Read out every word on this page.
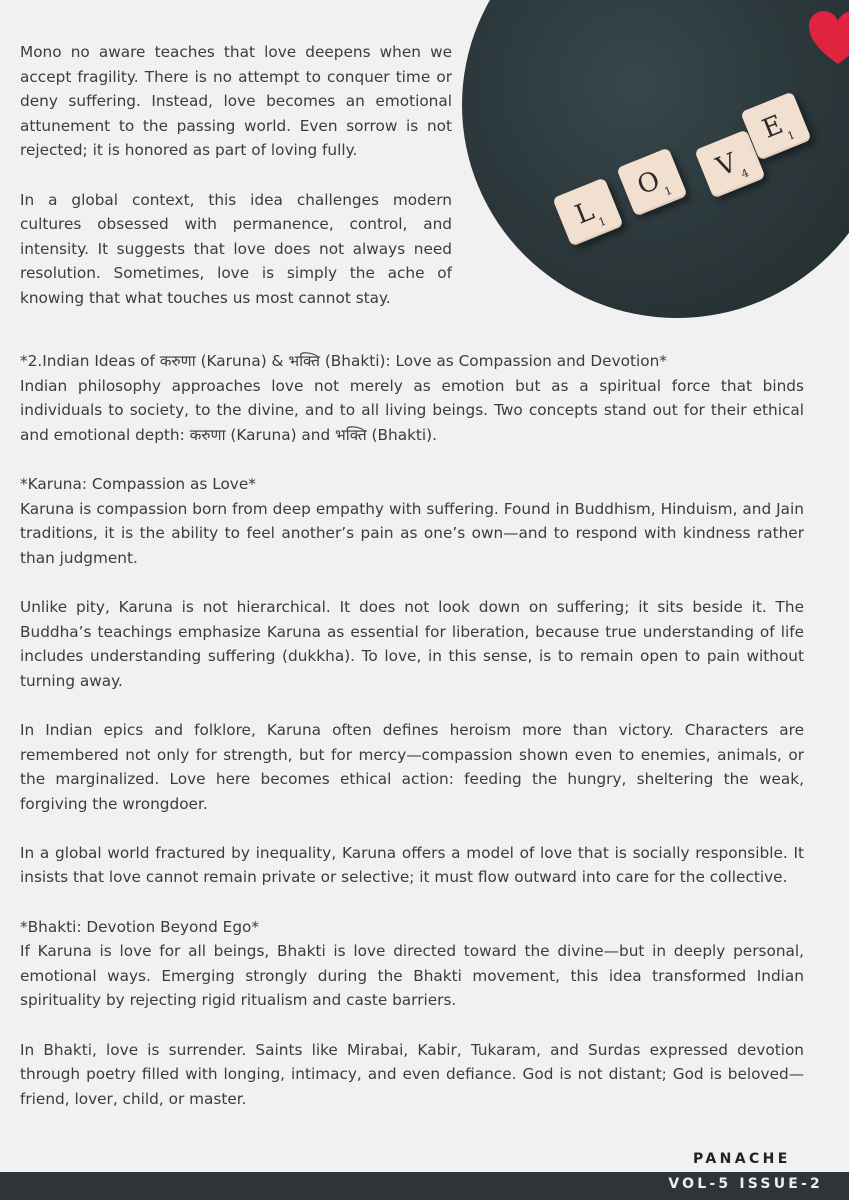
$L_1$
$O_1$
$V_4$
$E_1$

Mono no aware teaches that love deepens when we accept fragility. There is no attempt to conquer time or deny suffering. Instead, love becomes an emotional attunement to the passing world. Even sorrow is not rejected; it is honored as part of loving fully.

In a global context, this idea challenges modern cultures obsessed with permanence, control, and intensity. It suggests that love does not always need resolution. Sometimes, love is simply the ache of knowing that what touches us most cannot stay.

*2.Indian Ideas of करुणा (Karuna) & भक्ति (Bhakti): Love as Compassion and Devotion*

Indian philosophy approaches love not merely as emotion but as a spiritual force that binds individuals to society, to the divine, and to all living beings. Two concepts stand out for their ethical and emotional depth: करुणा (Karuna) and भक्ति (Bhakti).

*Karuna: Compassion as Love*

Karuna is compassion born from deep empathy with suffering. Found in Buddhism, Hinduism, and Jain traditions, it is the ability to feel another’s pain as one’s own—and to respond with kindness rather than judgment.

Unlike pity, Karuna is not hierarchical. It does not look down on suffering; it sits beside it. The Buddha’s teachings emphasize Karuna as essential for liberation, because true understanding of life includes understanding suffering (dukkha). To love, in this sense, is to remain open to pain without turning away.

In Indian epics and folklore, Karuna often defines heroism more than victory. Characters are remembered not only for strength, but for mercy—compassion shown even to enemies, animals, or the marginalized. Love here becomes ethical action: feeding the hungry, sheltering the weak, forgiving the wrongdoer.

In a global world fractured by inequality, Karuna offers a model of love that is socially responsible. It insists that love cannot remain private or selective; it must flow outward into care for the collective.

*Bhakti: Devotion Beyond Ego*

If Karuna is love for all beings, Bhakti is love directed toward the divine—but in deeply personal, emotional ways. Emerging strongly during the Bhakti movement, this idea transformed Indian spirituality by rejecting rigid ritualism and caste barriers.

In Bhakti, love is surrender. Saints like Mirabai, Kabir, Tukaram, and Surdas expressed devotion through poetry filled with longing, intimacy, and even defiance. God is not distant; God is beloved—friend, lover, child, or master.

PANACHE
VOL-5 ISSUE-2
